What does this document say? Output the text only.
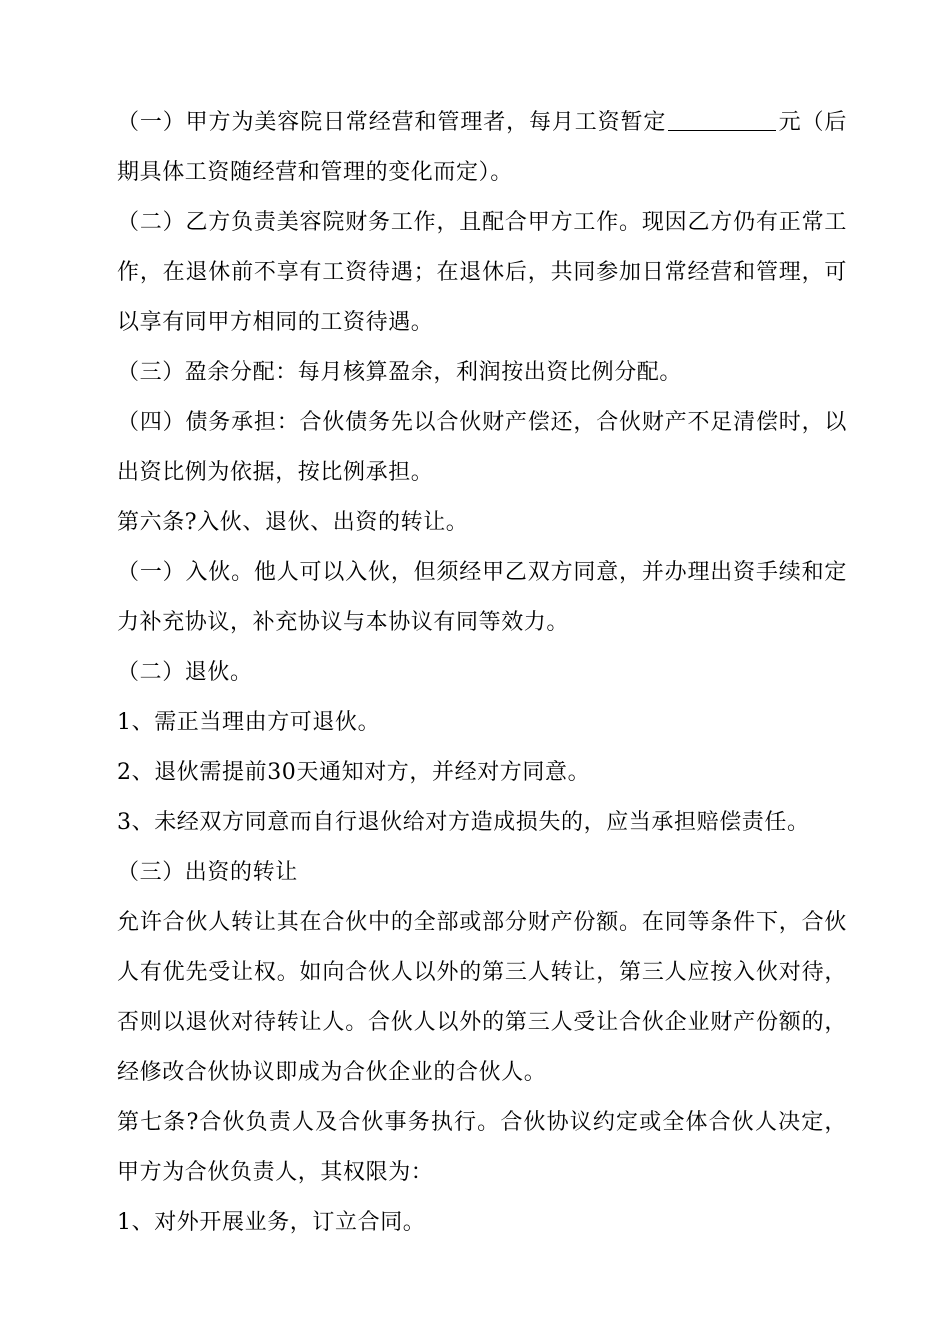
（一）甲方为美容院日常经营和管理者，每月工资暂定	元（后
期具体工资随经营和管理的变化而定）。
（二）乙方负责美容院财务工作，且配合甲方工作。现因乙方仍有正常工
作，在退休前不享有工资待遇；在退休后，共同参加日常经营和管理，可
以享有同甲方相同的工资待遇。
（三）盈余分配：每月核算盈余，利润按出资比例分配。
（四）债务承担：合伙债务先以合伙财产偿还，合伙财产不足清偿时，以
出资比例为依据，按比例承担。
第六条?入伙、退伙、出资的转让。
（一）入伙。他人可以入伙，但须经甲乙双方同意，并办理出资手续和定
力补充协议，补充协议与本协议有同等效力。
（二）退伙。
1、需正当理由方可退伙。
2、退伙需提前30天通知对方，并经对方同意。
3、未经双方同意而自行退伙给对方造成损失的，应当承担赔偿责任。
（三）出资的转让
允许合伙人转让其在合伙中的全部或部分财产份额。在同等条件下，合伙
人有优先受让权。如向合伙人以外的第三人转让，第三人应按入伙对待，
否则以退伙对待转让人。合伙人以外的第三人受让合伙企业财产份额的，
经修改合伙协议即成为合伙企业的合伙人。
第七条?合伙负责人及合伙事务执行。合伙协议约定或全体合伙人决定，
甲方为合伙负责人，其权限为：
1、对外开展业务，订立合同。
